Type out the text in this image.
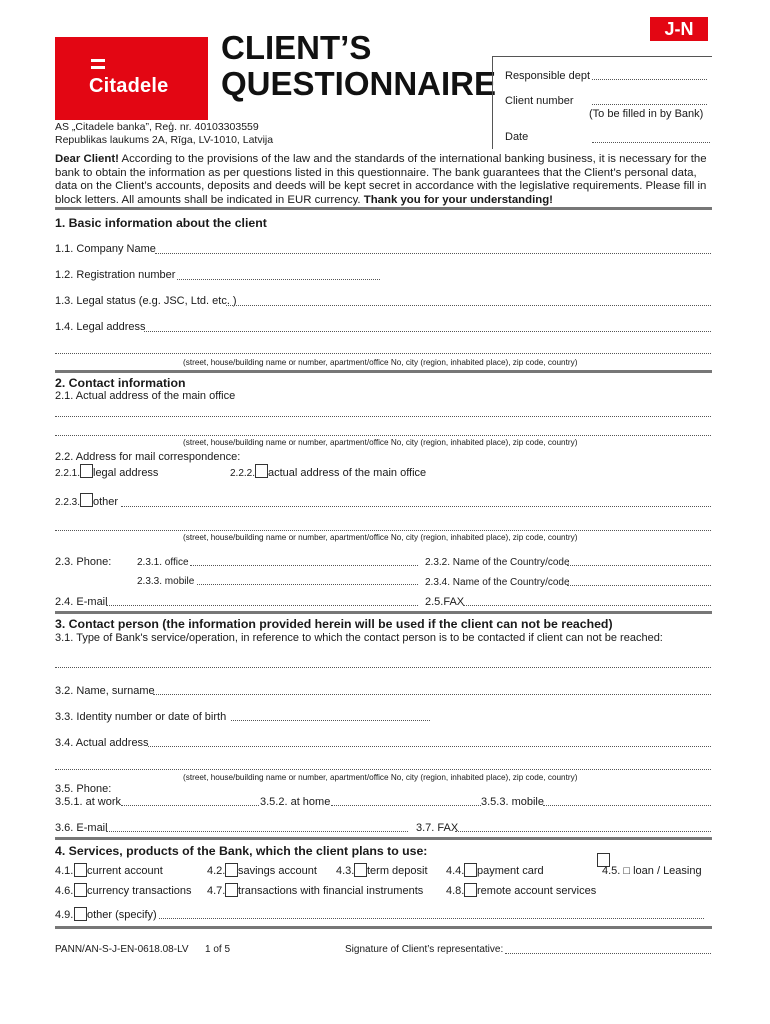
Citadele
CLIENT’S
QUESTIONNAIRE
J-N
AS „Citadele banka”, Reģ. nr. 40103303559
Republikas laukums 2A, Rīga, LV-1010, Latvija
Responsible dept
Client number
(To be filled in by Bank)
Date
Dear Client! According to the provisions of the law and the standards of the international banking business, it is necessary for the bank to obtain the information as per questions listed in this questionnaire. The bank guarantees that the Client’s personal data, data on the Client’s accounts, deposits and deeds will be kept secret in accordance with the legislative requirements. Please fill in block letters. All amounts shall be indicated in EUR currency. Thank you for your understanding!
1. Basic information about the client
1.1. Company Name
1.2. Registration number
1.3. Legal status (e.g. JSC, Ltd. etc. )
1.4. Legal address
(street, house/building name or number, apartment/office No, city (region, inhabited place), zip code, country)
2. Contact information
2.1. Actual address of the main office
(street, house/building name or number, apartment/office No, city (region, inhabited place), zip code, country)
2.2. Address for mail correspondence:
2.2.1. legal address	2.2.2. actual address of the main office
2.2.3. other
(street, house/building name or number, apartment/office No, city (region, inhabited place), zip code, country)
2.3. Phone:	2.3.1. office	2.3.2. Name of the Country/code
2.3.3. mobile	2.3.4. Name of the Country/code
2.4. E-mail	2.5.FAX
3. Contact person (the information provided herein will be used if the client can not be reached)
3.1. Type of Bank's service/operation, in reference to which the contact person is to be contacted if client can not be reached:
3.2. Name, surname
3.3. Identity number or date of birth
3.4. Actual address
(street, house/building name or number, apartment/office No, city (region, inhabited place), zip code, country)
3.5. Phone:
3.5.1. at work	3.5.2. at home	3.5.3. mobile
3.6. E-mail	3.7. FAX
4. Services, products of the Bank, which the client plans to use:
4.1. current account	4.2. savings account 4.3. term deposit 4.4. payment card	4.5. □ loan / Leasing
4.6. currency transactions 4.7. transactions with financial instruments 4.8. remote account services
4.9. other (specify)
PANN/AN-S-J-EN-0618.08-LV 1 of 5	Signature of Client’s representative:
